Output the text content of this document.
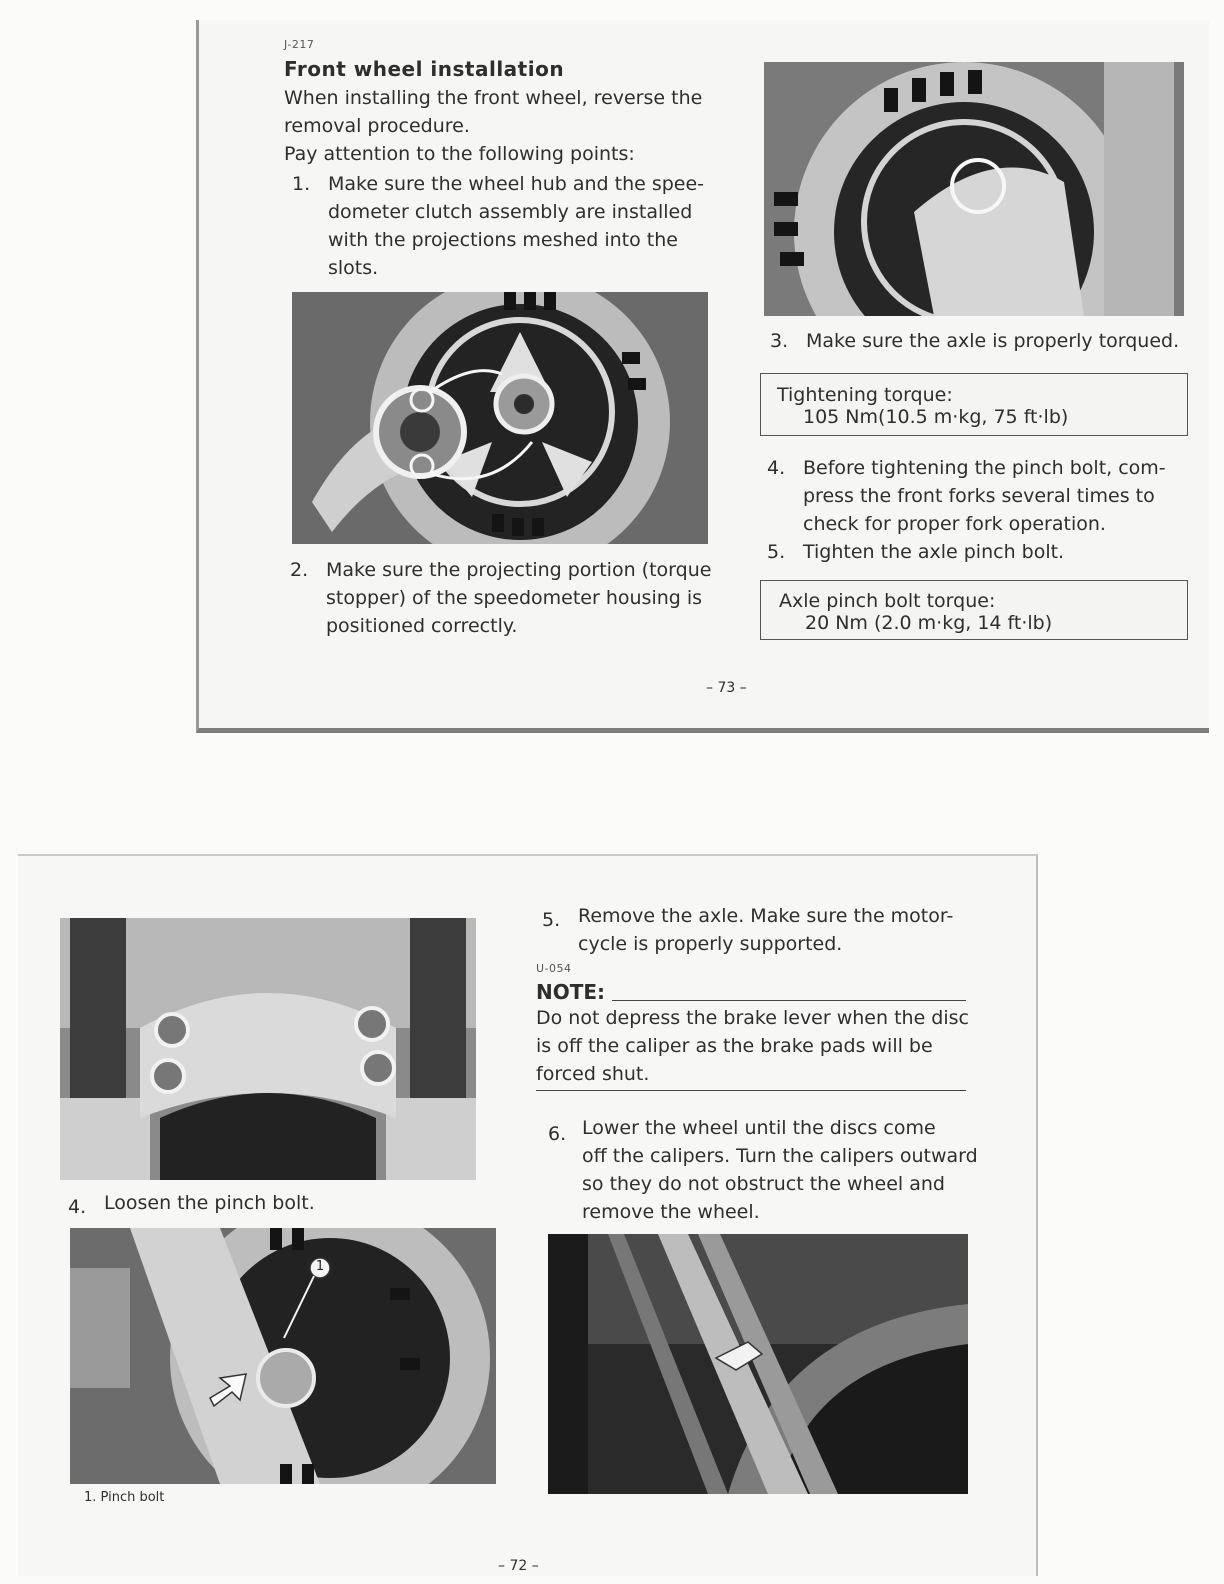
J-217
Front wheel installation
When installing the front wheel, reverse the
removal procedure.
Pay attention to the following points:
1. Make sure the wheel hub and the spee-
dometer clutch assembly are installed
with the projections meshed into the
slots.
2. Make sure the projecting portion (torque
stopper) of the speedometer housing is
positioned correctly.
3. Make sure the axle is properly torqued.
Tightening torque:
105 Nm(10.5 m·kg, 75 ft·lb)
4. Before tightening the pinch bolt, com-
press the front forks several times to
check for proper fork operation.
5. Tighten the axle pinch bolt.
Axle pinch bolt torque:
20 Nm (2.0 m·kg, 14 ft·lb)
– 73 –
4. Loosen the pinch bolt.
1
1. Pinch bolt
5. Remove the axle. Make sure the motor-
cycle is properly supported.
U-054
NOTE:
Do not depress the brake lever when the disc
is off the caliper as the brake pads will be
forced shut.
6. Lower the wheel until the discs come
off the calipers. Turn the calipers outward
so they do not obstruct the wheel and
remove the wheel.
– 72 –
